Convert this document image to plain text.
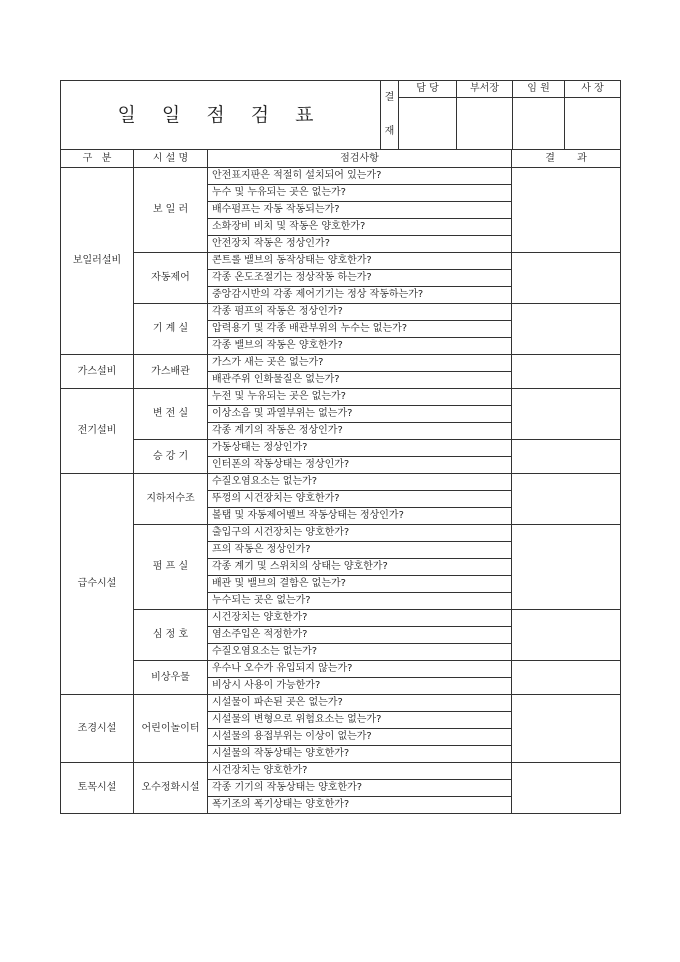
일 일 점 검 표	결
재	담 당	부서장	임 원	사 장

구   분	시 설 명	점검사항	결       과
보일러설비	보 일 러	안전표지판은 적절히 설치되어 있는가?	
		누수 및 누유되는 곳은 없는가?	
		배수펌프는 자동 작동되는가?	
		소화장비 비치 및 작동은 양호한가?	
		안전장치 작동은 정상인가?	
	자동제어	콘트롤 밸브의 동작상태는 양호한가?	
		각종 온도조절기는 정상작동 하는가?	
		중앙감시반의 각종 제어기기는 정상 작동하는가?	
	기 계 실	각종 펌프의 작동은 정상인가?	
		압력용기 및 각종 배관부위의 누수는 없는가?	
		각종 밸브의 작동은 양호한가?	
가스설비	가스배관	가스가 새는 곳은 없는가?	
		배관주위 인화물질은 없는가?	
전기설비	변 전 실	누전 및 누유되는 곳은 없는가?	
		이상소음 및 과열부위는 없는가?	
		각종 계기의 작동은 정상인가?	
	승 강 기	가동상태는 정상인가?	
		인터폰의 작동상태는 정상인가?	
급수시설	지하저수조	수질오염요소는 없는가?	
		뚜껑의 시건장치는 양호한가?	
		볼탭 및 자동제어벨브 작동상태는 정상인가?	
	펌 프 실	출입구의 시건장치는 양호한가?	
		프의 작동은 정상인가?	
		각종 계기 및 스위치의 상태는 양호한가?	
		배관 및 밸브의 결함은 없는가?	
		누수되는 곳은 없는가?	
	심 정 호	시건장치는 양호한가?	
		염소주입은 적정한가?	
		수질오염요소는 없는가?	
	비상우물	우수나 오수가 유입되지 않는가?	
		비상시 사용이 가능한가?	
조경시설	어린이놀이터	시설물이 파손된 곳은 없는가?	
		시설물의 변형으로 위험요소는 없는가?	
		시설물의 용접부위는 이상이 없는가?	
		시설물의 작동상태는 양호한가?	
토목시설	오수정화시설	시건장치는 양호한가?	
		각종 기기의 작동상태는 양호한가?	
		폭기조의 폭기상태는 양호한가?	
